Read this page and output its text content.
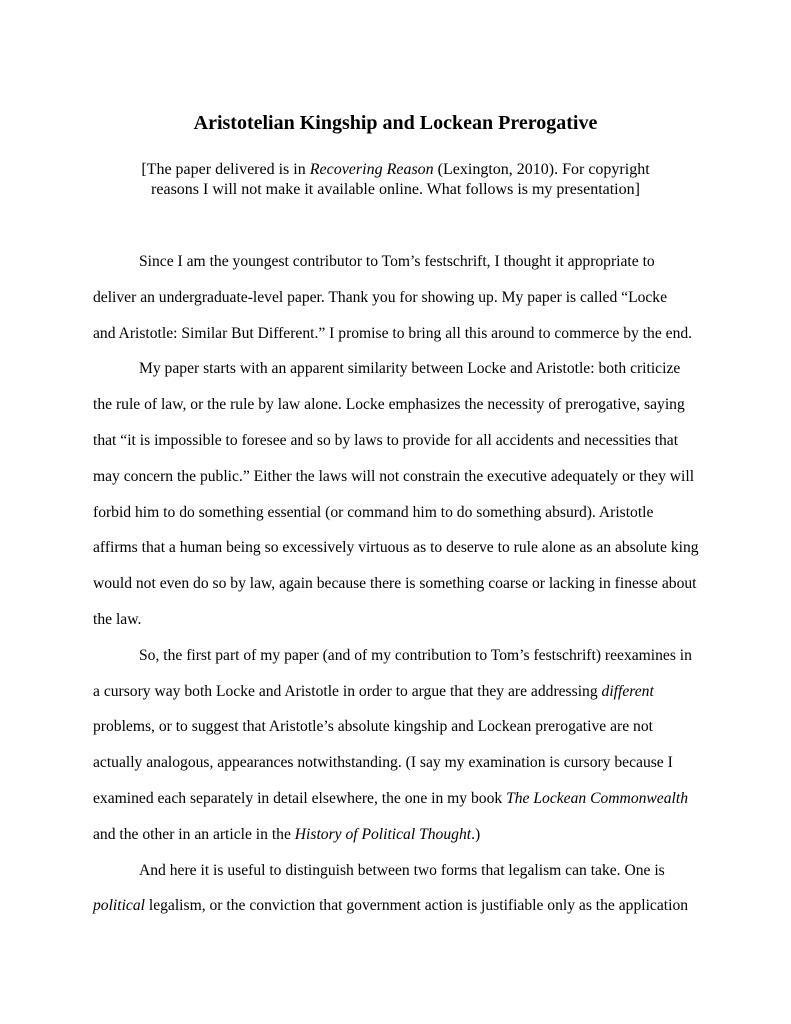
Aristotelian Kingship and Lockean Prerogative
[The paper delivered is in Recovering Reason (Lexington, 2010). For copyright
reasons I will not make it available online. What follows is my presentation]
Since I am the youngest contributor to Tom’s festschrift, I thought it appropriate to
deliver an undergraduate-level paper. Thank you for showing up. My paper is called “Locke
and Aristotle: Similar But Different.” I promise to bring all this around to commerce by the end.
My paper starts with an apparent similarity between Locke and Aristotle: both criticize
the rule of law, or the rule by law alone. Locke emphasizes the necessity of prerogative, saying
that “it is impossible to foresee and so by laws to provide for all accidents and necessities that
may concern the public.” Either the laws will not constrain the executive adequately or they will
forbid him to do something essential (or command him to do something absurd). Aristotle
affirms that a human being so excessively virtuous as to deserve to rule alone as an absolute king
would not even do so by law, again because there is something coarse or lacking in finesse about
the law.
So, the first part of my paper (and of my contribution to Tom’s festschrift) reexamines in
a cursory way both Locke and Aristotle in order to argue that they are addressing different
problems, or to suggest that Aristotle’s absolute kingship and Lockean prerogative are not
actually analogous, appearances notwithstanding. (I say my examination is cursory because I
examined each separately in detail elsewhere, the one in my book The Lockean Commonwealth
and the other in an article in the History of Political Thought.)
And here it is useful to distinguish between two forms that legalism can take. One is
political legalism, or the conviction that government action is justifiable only as the application
